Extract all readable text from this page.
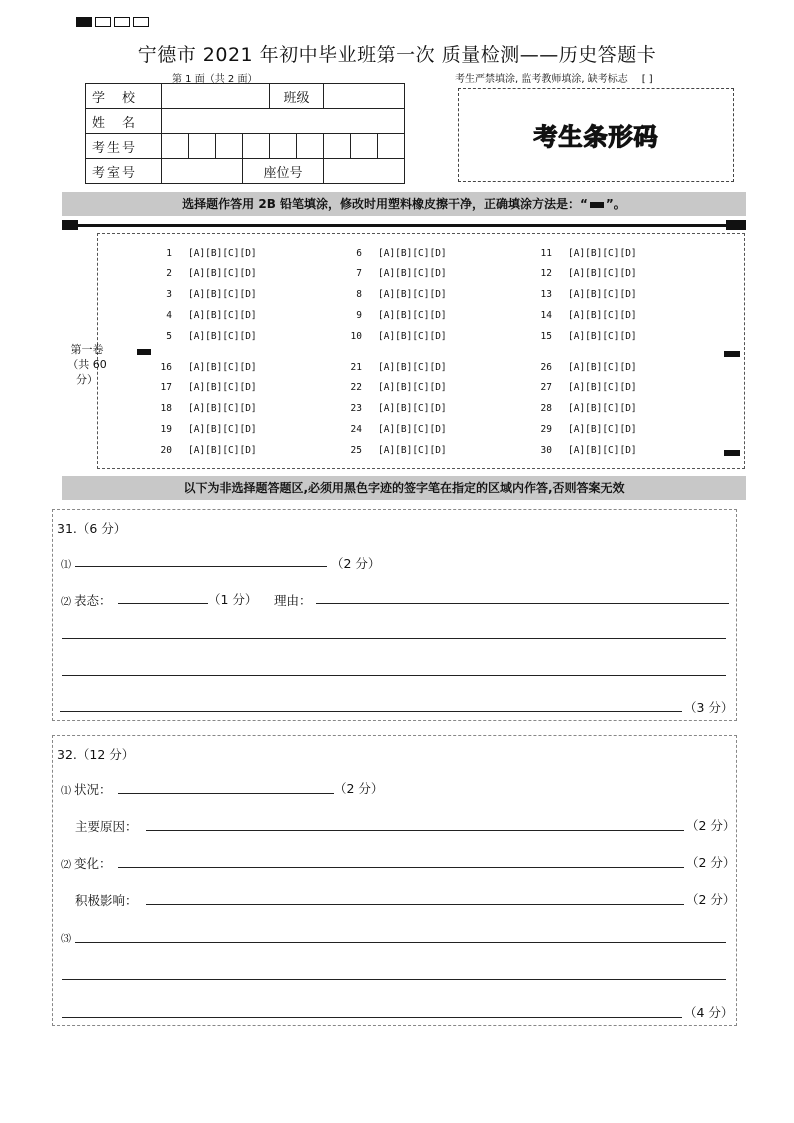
宁德市 2021 年初中毕业班第一次 质量检测——历史答题卡
第 1 面（共 2 面）	考生严禁填涂, 监考教师填涂, 缺考标志 [ ]
学　校					班级				
姓　名									
考生号									
考室号				座位号					
考生条形码
选择题作答用 2B 铅笔填涂，修改时用塑料橡皮擦干净，正确填涂方法是：“ ”。
第一卷
（共 60 分）
1 [A][B][C][D]
2 [A][B][C][D]
3 [A][B][C][D]
4 [A][B][C][D]
5 [A][B][C][D]
16 [A][B][C][D]
17 [A][B][C][D]
18 [A][B][C][D]
19 [A][B][C][D]
20 [A][B][C][D]
6 [A][B][C][D]
7 [A][B][C][D]
8 [A][B][C][D]
9 [A][B][C][D]
10 [A][B][C][D]
21 [A][B][C][D]
22 [A][B][C][D]
23 [A][B][C][D]
24 [A][B][C][D]
25 [A][B][C][D]
11 [A][B][C][D]
12 [A][B][C][D]
13 [A][B][C][D]
14 [A][B][C][D]
15 [A][B][C][D]
26 [A][B][C][D]
27 [A][B][C][D]
28 [A][B][C][D]
29 [A][B][C][D]
30 [A][B][C][D]
以下为非选择题答题区,必须用黑色字迹的签字笔在指定的区域内作答,否则答案无效
31.（6 分）
⑴	（2 分）
⑵ 表态：	（1 分） 理由：
（3 分）
32.（12 分）
⑴ 状况：	（2 分）
主要原因：	（2 分）
⑵ 变化：	（2 分）
积极影响：	（2 分）
⑶
（4 分）
